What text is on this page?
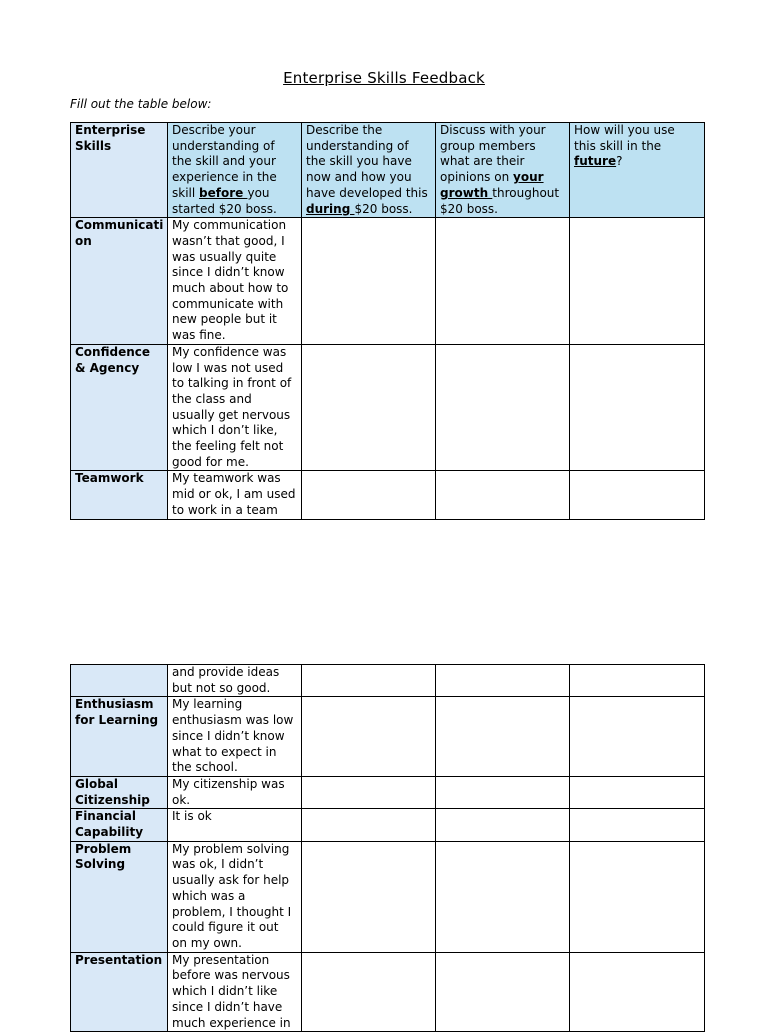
Enterprise Skills Feedback
Fill out the table below:
Enterprise Skills	Describe your understanding of the skill and your experience in the skill before you started $20 boss.	Describe the understanding of the skill you have now and how you have developed this during $20 boss.	Discuss with your group members what are their opinions on your growth throughout $20 boss.	How will you use this skill in the future?
Communicati on	My communication wasn’t that good, I was usually quite since I didn’t know much about how to communicate with new people but it was fine.			
Confidence & Agency	My confidence was low I was not used to talking in front of the class and usually get nervous which I don’t like, the feeling felt not good for me.			
Teamwork	My teamwork was mid or ok, I am used to work in a team			
	and provide ideas but not so good.			
Enthusiasm for Learning	My learning enthusiasm was low since I didn’t know what to expect in the school.			
Global Citizenship	My citizenship was ok.			
Financial Capability	It is ok			
Problem Solving	My problem solving was ok, I didn’t usually ask for help which was a problem, I thought I could figure it out on my own.			
Presentation	My presentation before was nervous which I didn’t like since I didn’t have much experience in			
